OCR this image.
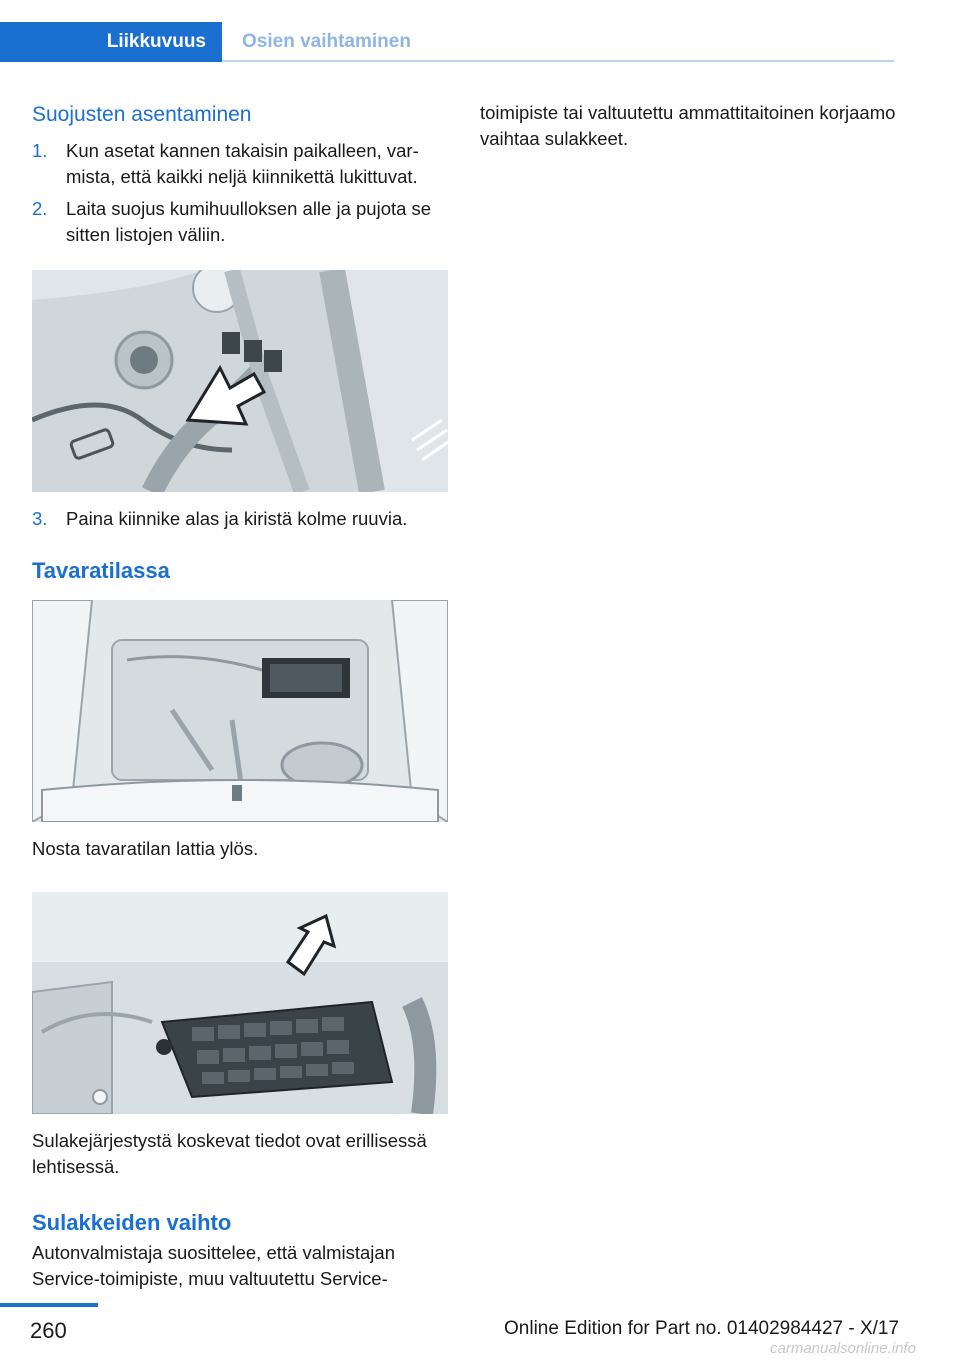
Liikkuvuus	Osien vaihtaminen
Suojusten asentaminen
1. Kun asetat kannen takaisin paikalleen, varmista, että kaikki neljä kiinnikettä lukittuvat.
2. Laita suojus kumihuulloksen alle ja pujota se sitten listojen väliin.
3. Paina kiinnike alas ja kiristä kolme ruuvia.
Tavaratilassa
Nosta tavaratilan lattia ylös.
Sulakejärjestystä koskevat tiedot ovat erillisessä lehtisessä.
Sulakkeiden vaihto
Autonvalmistaja suosittelee, että valmistajan Service-toimipiste, muu valtuutettu Service-
toimipiste tai valtuutettu ammattitaitoinen korjaamo vaihtaa sulakkeet.
260	Online Edition for Part no. 01402984427 - X/17
carmanualsonline.info
